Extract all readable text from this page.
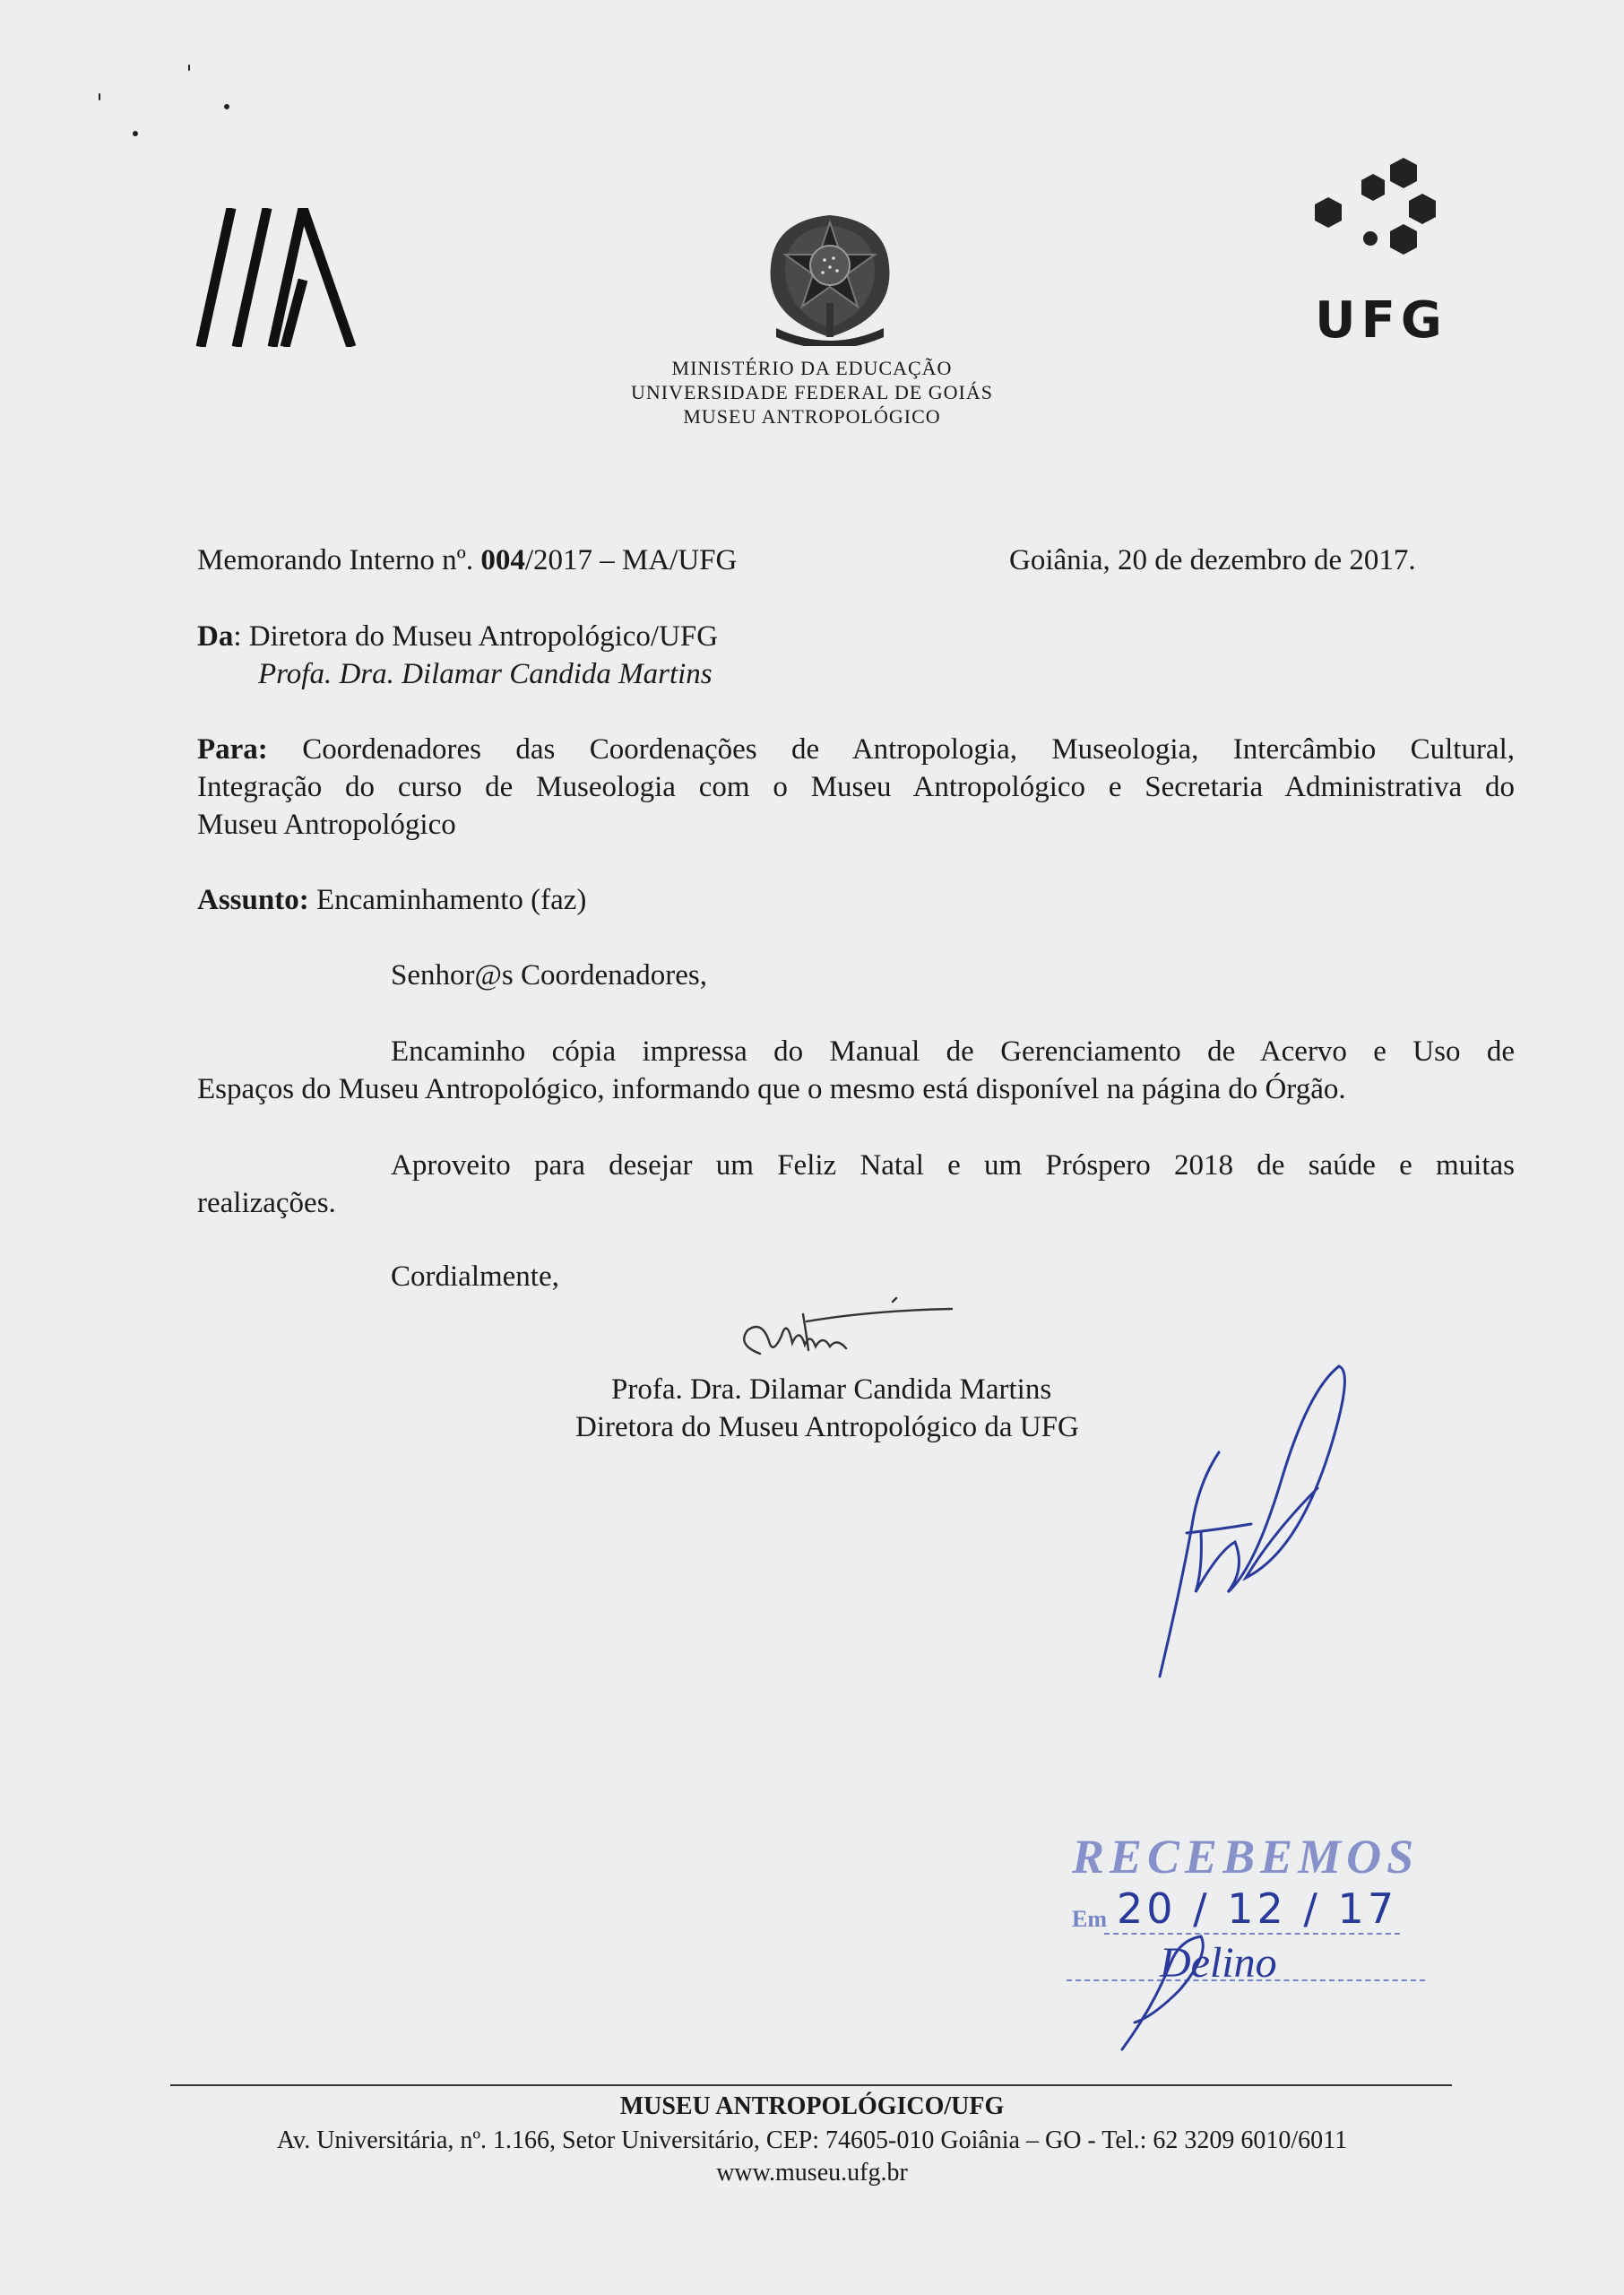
UFG
MINISTÉRIO DA EDUCAÇÃO
UNIVERSIDADE FEDERAL DE GOIÁS
MUSEU ANTROPOLÓGICO
Memorando Interno nº. 004/2017 – MA/UFG	Goiânia, 20 de dezembro de 2017.
Da: Diretora do Museu Antropológico/UFG
Profa. Dra. Dilamar Candida Martins
Para: Coordenadores das Coordenações de Antropologia, Museologia, Intercâmbio Cultural,
Integração do curso de Museologia com o Museu Antropológico e Secretaria Administrativa do
Museu Antropológico
Assunto: Encaminhamento (faz)
Senhor@s Coordenadores,
Encaminho cópia impressa do Manual de Gerenciamento de Acervo e Uso de
Espaços do Museu Antropológico, informando que o mesmo está disponível na página do Órgão.
Aproveito para desejar um Feliz Natal e um Próspero 2018 de saúde e muitas
realizações.
Cordialmente,
Profa. Dra. Dilamar Candida Martins
Diretora do Museu Antropológico da UFG
RECEBEMOS
Em 20 / 12 / 17
Delino
MUSEU ANTROPOLÓGICO/UFG
Av. Universitária, nº. 1.166, Setor Universitário, CEP: 74605-010 Goiânia – GO - Tel.: 62 3209 6010/6011
www.museu.ufg.br
